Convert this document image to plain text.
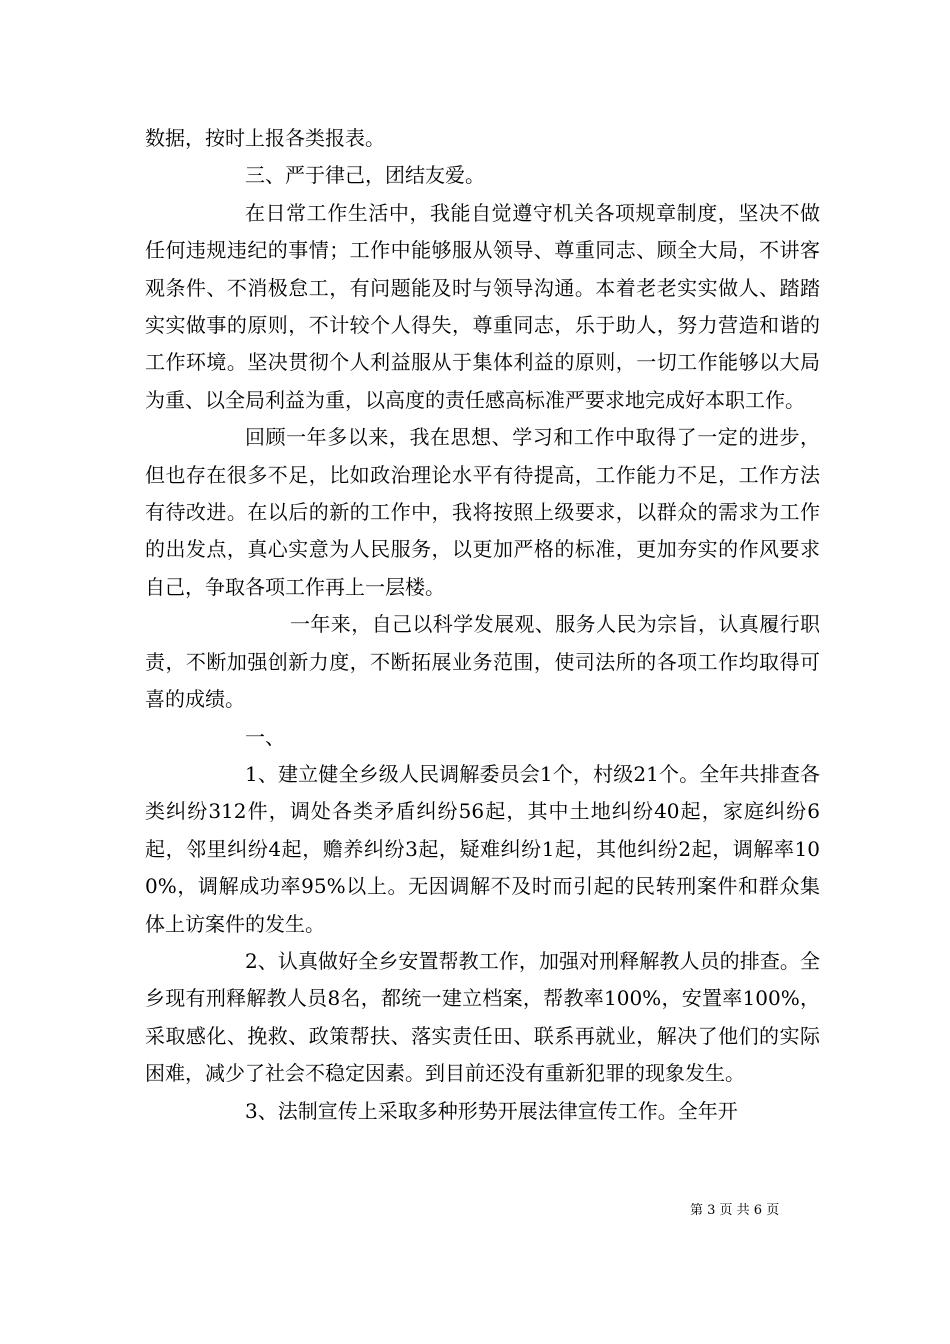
数据，按时上报各类报表。

三、严于律己，团结友爱。

在日常工作生活中，我能自觉遵守机关各项规章制度，坚决不做任何违规违纪的事情；工作中能够服从领导、尊重同志、顾全大局，不讲客观条件、不消极怠工，有问题能及时与领导沟通。本着老老实实做人、踏踏实实做事的原则，不计较个人得失，尊重同志，乐于助人，努力营造和谐的工作环境。坚决贯彻个人利益服从于集体利益的原则，一切工作能够以大局为重、以全局利益为重，以高度的责任感高标准严要求地完成好本职工作。

回顾一年多以来，我在思想、学习和工作中取得了一定的进步，但也存在很多不足，比如政治理论水平有待提高，工作能力不足，工作方法有待改进。在以后的新的工作中，我将按照上级要求，以群众的需求为工作的出发点，真心实意为人民服务，以更加严格的标准，更加夯实的作风要求自己，争取各项工作再上一层楼。

一年来，自己以科学发展观、服务人民为宗旨，认真履行职责，不断加强创新力度，不断拓展业务范围，使司法所的各项工作均取得可喜的成绩。

一、

1、建立健全乡级人民调解委员会1个，村级21个。全年共排查各类纠纷312件，调处各类矛盾纠纷56起，其中土地纠纷40起，家庭纠纷6起，邻里纠纷4起，赡养纠纷3起，疑难纠纷1起，其他纠纷2起，调解率100%，调解成功率95%以上。无因调解不及时而引起的民转刑案件和群众集体上访案件的发生。

2、认真做好全乡安置帮教工作，加强对刑释解教人员的排查。全乡现有刑释解教人员8名，都统一建立档案，帮教率100%，安置率100%，采取感化、挽救、政策帮扶、落实责任田、联系再就业，解决了他们的实际困难，减少了社会不稳定因素。到目前还没有重新犯罪的现象发生。

3、法制宣传上采取多种形势开展法律宣传工作。全年开

第 3 页 共 6 页
